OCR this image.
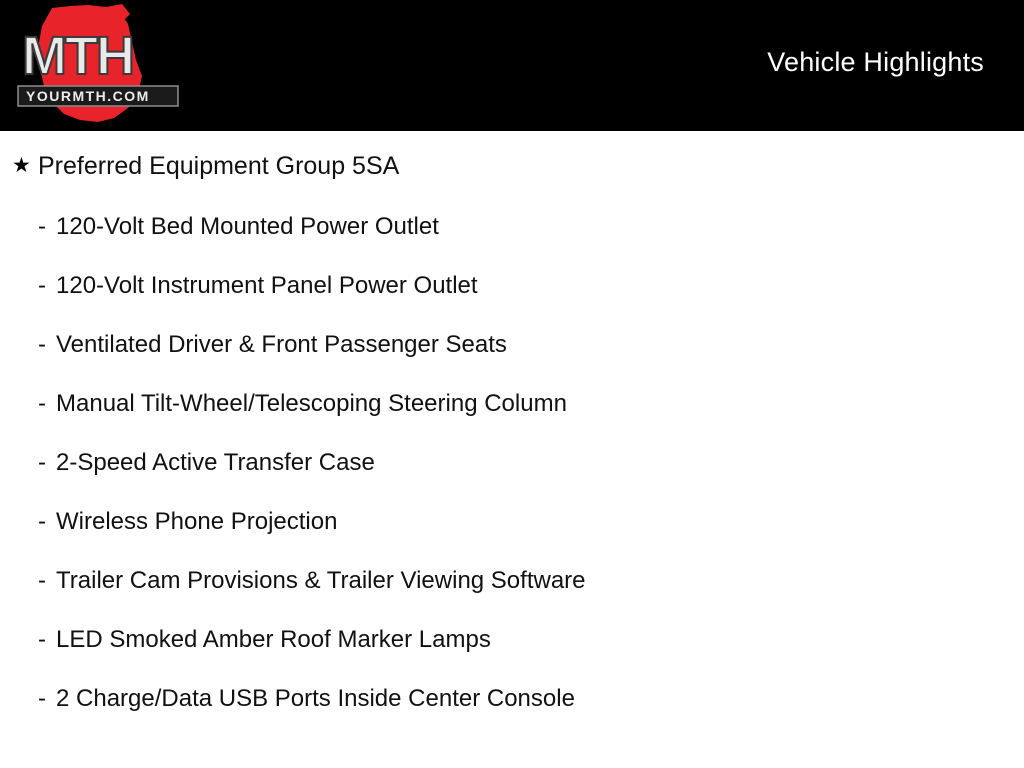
MTH
YOURMTH.COM
Vehicle Highlights
★ Preferred Equipment Group 5SA
- 120-Volt Bed Mounted Power Outlet
- 120-Volt Instrument Panel Power Outlet
- Ventilated Driver & Front Passenger Seats
- Manual Tilt-Wheel/Telescoping Steering Column
- 2-Speed Active Transfer Case
- Wireless Phone Projection
- Trailer Cam Provisions & Trailer Viewing Software
- LED Smoked Amber Roof Marker Lamps
- 2 Charge/Data USB Ports Inside Center Console
